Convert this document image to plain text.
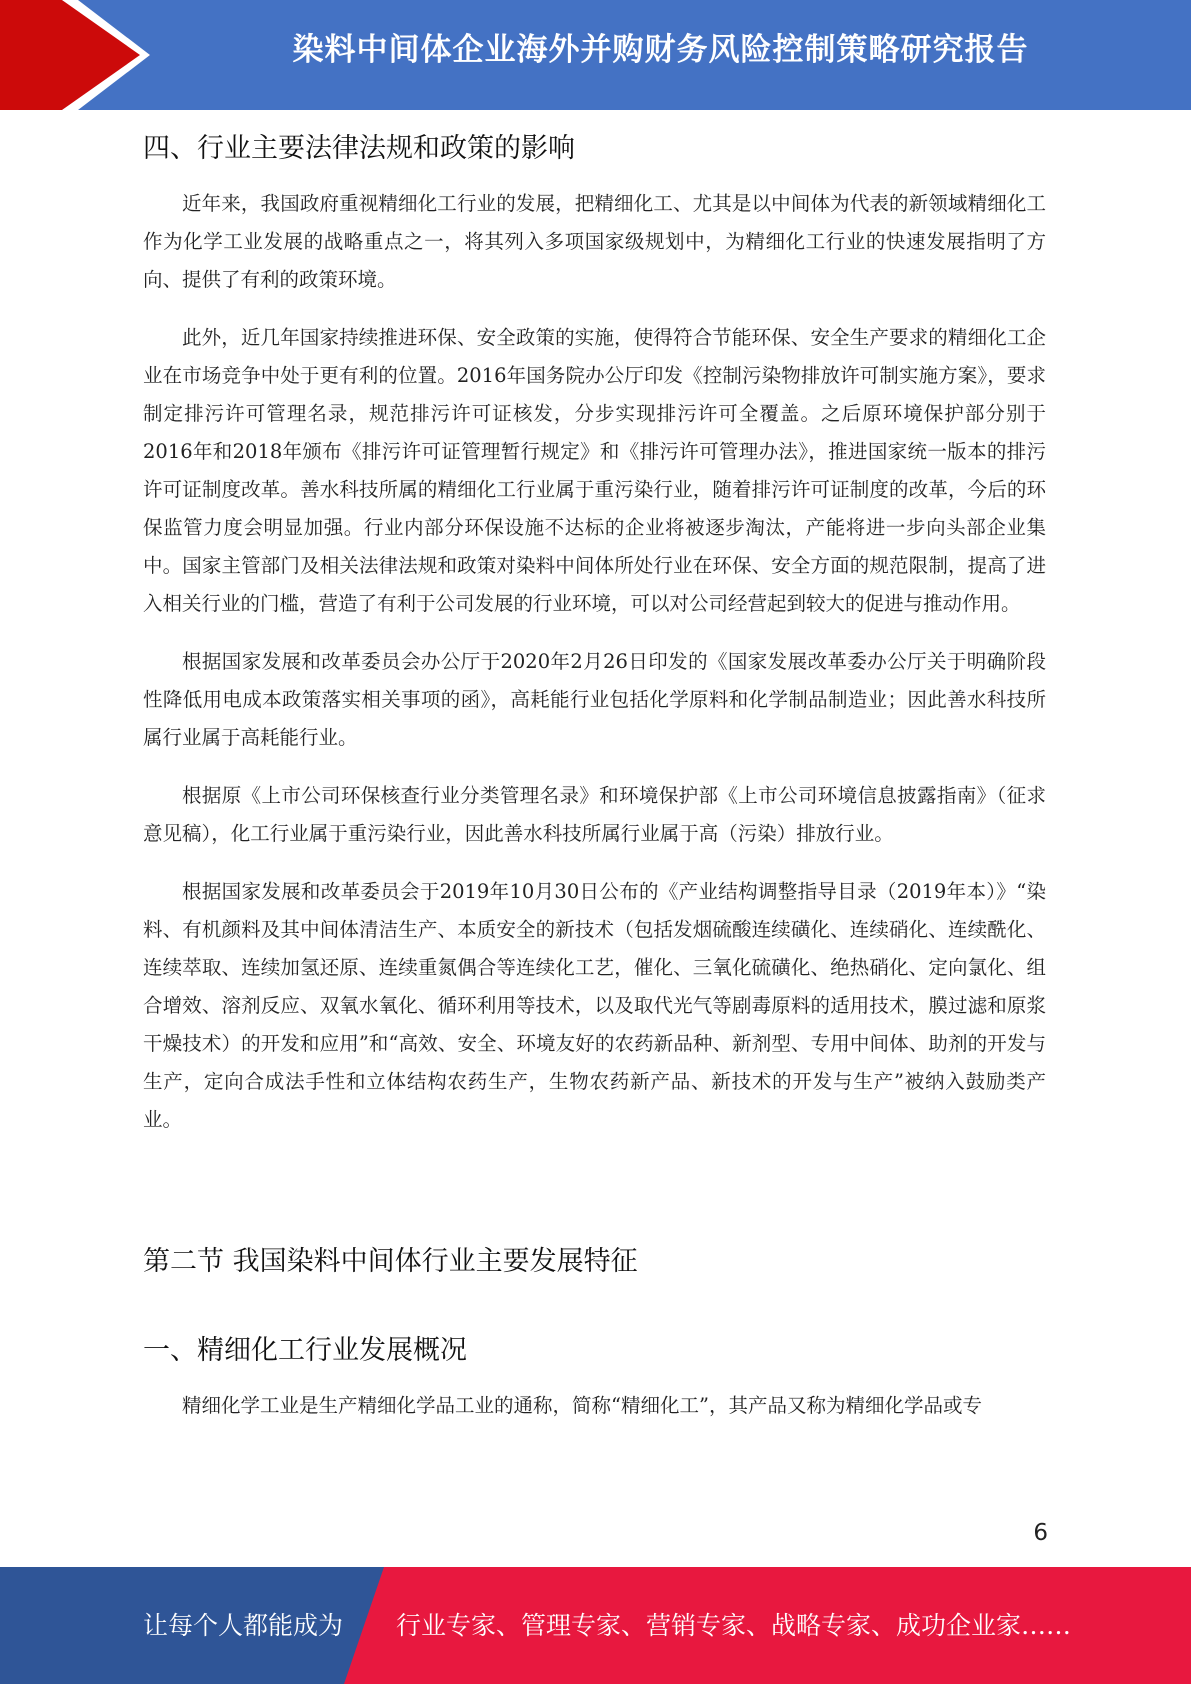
染料中间体企业海外并购财务风险控制策略研究报告
四、行业主要法律法规和政策的影响

近年来，我国政府重视精细化工行业的发展，把精细化工、尤其是以中间体为代表的新领域精细化工作为化学工业发展的战略重点之一，将其列入多项国家级规划中，为精细化工行业的快速发展指明了方向、提供了有利的政策环境。

此外，近几年国家持续推进环保、安全政策的实施，使得符合节能环保、安全生产要求的精细化工企业在市场竞争中处于更有利的位置。2016年国务院办公厅印发《控制污染物排放许可制实施方案》，要求制定排污许可管理名录，规范排污许可证核发，分步实现排污许可全覆盖。之后原环境保护部分别于2016年和2018年颁布《排污许可证管理暂行规定》和《排污许可管理办法》，推进国家统一版本的排污许可证制度改革。善水科技所属的精细化工行业属于重污染行业，随着排污许可证制度的改革，今后的环保监管力度会明显加强。行业内部分环保设施不达标的企业将被逐步淘汰，产能将进一步向头部企业集中。国家主管部门及相关法律法规和政策对染料中间体所处行业在环保、安全方面的规范限制，提高了进入相关行业的门槛，营造了有利于公司发展的行业环境，可以对公司经营起到较大的促进与推动作用。

根据国家发展和改革委员会办公厅于2020年2月26日印发的《国家发展改革委办公厅关于明确阶段性降低用电成本政策落实相关事项的函》，高耗能行业包括化学原料和化学制品制造业；因此善水科技所属行业属于高耗能行业。

根据原《上市公司环保核查行业分类管理名录》和环境保护部《上市公司环境信息披露指南》（征求意见稿），化工行业属于重污染行业，因此善水科技所属行业属于高（污染）排放行业。

根据国家发展和改革委员会于2019年10月30日公布的《产业结构调整指导目录（2019年本）》“染料、有机颜料及其中间体清洁生产、本质安全的新技术（包括发烟硫酸连续磺化、连续硝化、连续酰化、连续萃取、连续加氢还原、连续重氮偶合等连续化工艺，催化、三氧化硫磺化、绝热硝化、定向氯化、组合增效、溶剂反应、双氧水氧化、循环利用等技术，以及取代光气等剧毒原料的适用技术，膜过滤和原浆干燥技术）的开发和应用”和“高效、安全、环境友好的农药新品种、新剂型、专用中间体、助剂的开发与生产，定向合成法手性和立体结构农药生产，生物农药新产品、新技术的开发与生产”被纳入鼓励类产业。

第二节 我国染料中间体行业主要发展特征
一、精细化工行业发展概况

精细化学工业是生产精细化学品工业的通称，简称“精细化工”，其产品又称为精细化学品或专

6
让每个人都能成为 行业专家、管理专家、营销专家、战略专家、成功企业家……
